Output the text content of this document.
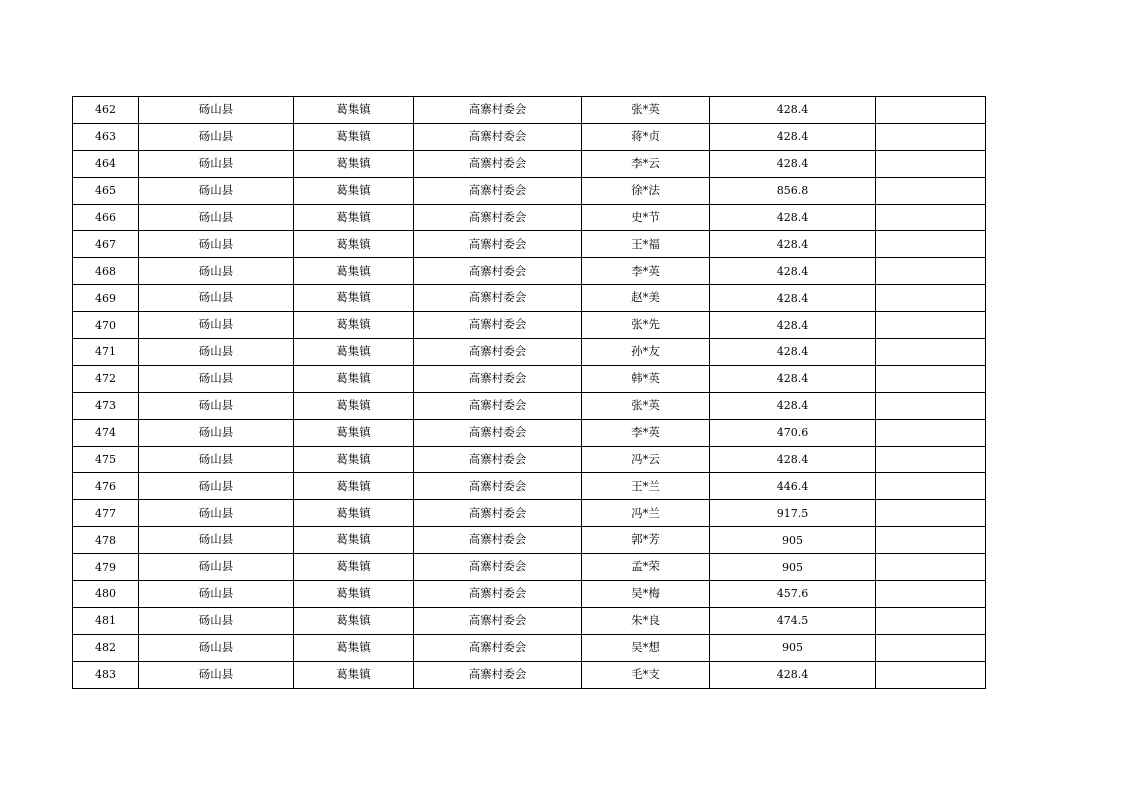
462	砀山县	葛集镇	高寨村委会	张*英	428.4	
463	砀山县	葛集镇	高寨村委会	蒋*贞	428.4	
464	砀山县	葛集镇	高寨村委会	李*云	428.4	
465	砀山县	葛集镇	高寨村委会	徐*法	856.8	
466	砀山县	葛集镇	高寨村委会	史*节	428.4	
467	砀山县	葛集镇	高寨村委会	王*福	428.4	
468	砀山县	葛集镇	高寨村委会	李*英	428.4	
469	砀山县	葛集镇	高寨村委会	赵*美	428.4	
470	砀山县	葛集镇	高寨村委会	张*先	428.4	
471	砀山县	葛集镇	高寨村委会	孙*友	428.4	
472	砀山县	葛集镇	高寨村委会	韩*英	428.4	
473	砀山县	葛集镇	高寨村委会	张*英	428.4	
474	砀山县	葛集镇	高寨村委会	李*英	470.6	
475	砀山县	葛集镇	高寨村委会	冯*云	428.4	
476	砀山县	葛集镇	高寨村委会	王*兰	446.4	
477	砀山县	葛集镇	高寨村委会	冯*兰	917.5	
478	砀山县	葛集镇	高寨村委会	郭*芳	905	
479	砀山县	葛集镇	高寨村委会	孟*荣	905	
480	砀山县	葛集镇	高寨村委会	吴*梅	457.6	
481	砀山县	葛集镇	高寨村委会	朱*良	474.5	
482	砀山县	葛集镇	高寨村委会	吴*想	905	
483	砀山县	葛集镇	高寨村委会	毛*支	428.4	
